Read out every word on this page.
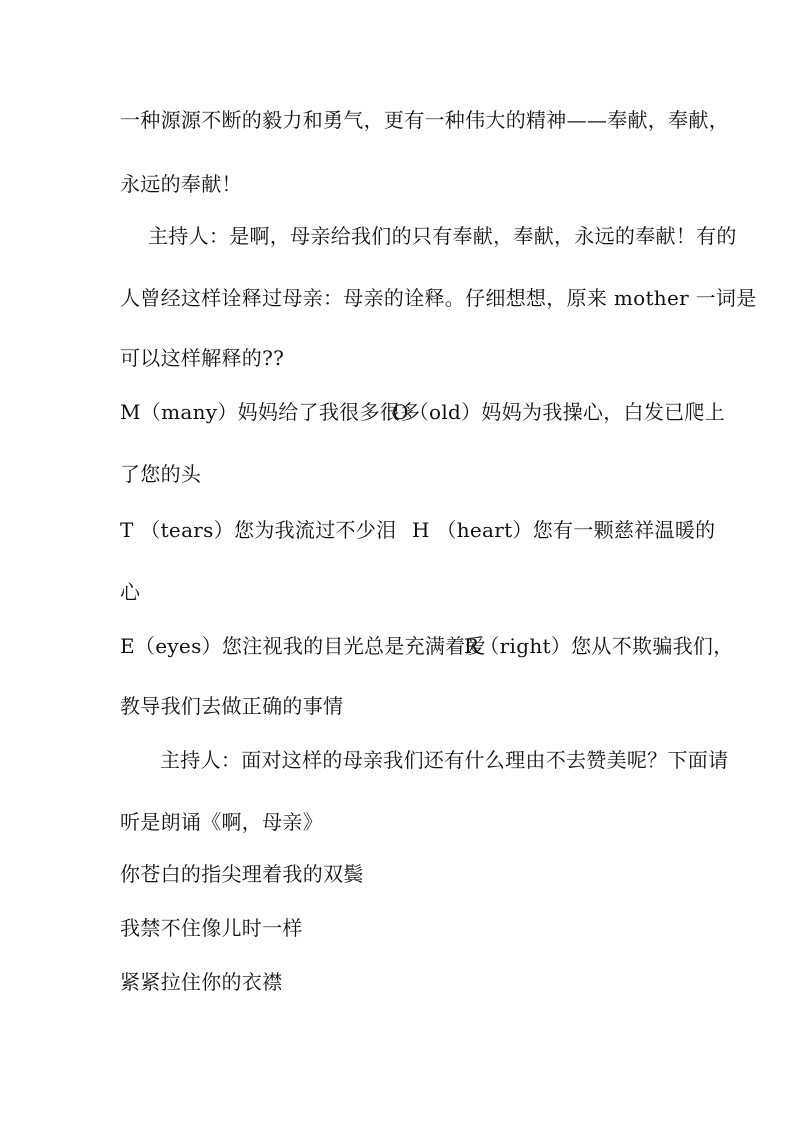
一种源源不断的毅力和勇气，更有一种伟大的精神——奉献，奉献，
永远的奉献！
主持人：是啊，母亲给我们的只有奉献，奉献，永远的奉献！有的
人曾经这样诠释过母亲：母亲的诠释。仔细想想，原来 mother 一词是
可以这样解释的??
M（many）妈妈给了我很多很多
O（old）妈妈为我操心，白发已爬上
了您的头
T （tears）您为我流过不少泪 H （heart）您有一颗慈祥温暖的
心
E（eyes）您注视我的目光总是充满着爱
R（right）您从不欺骗我们，
教导我们去做正确的事情
主持人：面对这样的母亲我们还有什么理由不去赞美呢？下面请
听是朗诵《啊，母亲》
你苍白的指尖理着我的双鬓
我禁不住像儿时一样
紧紧拉住你的衣襟
